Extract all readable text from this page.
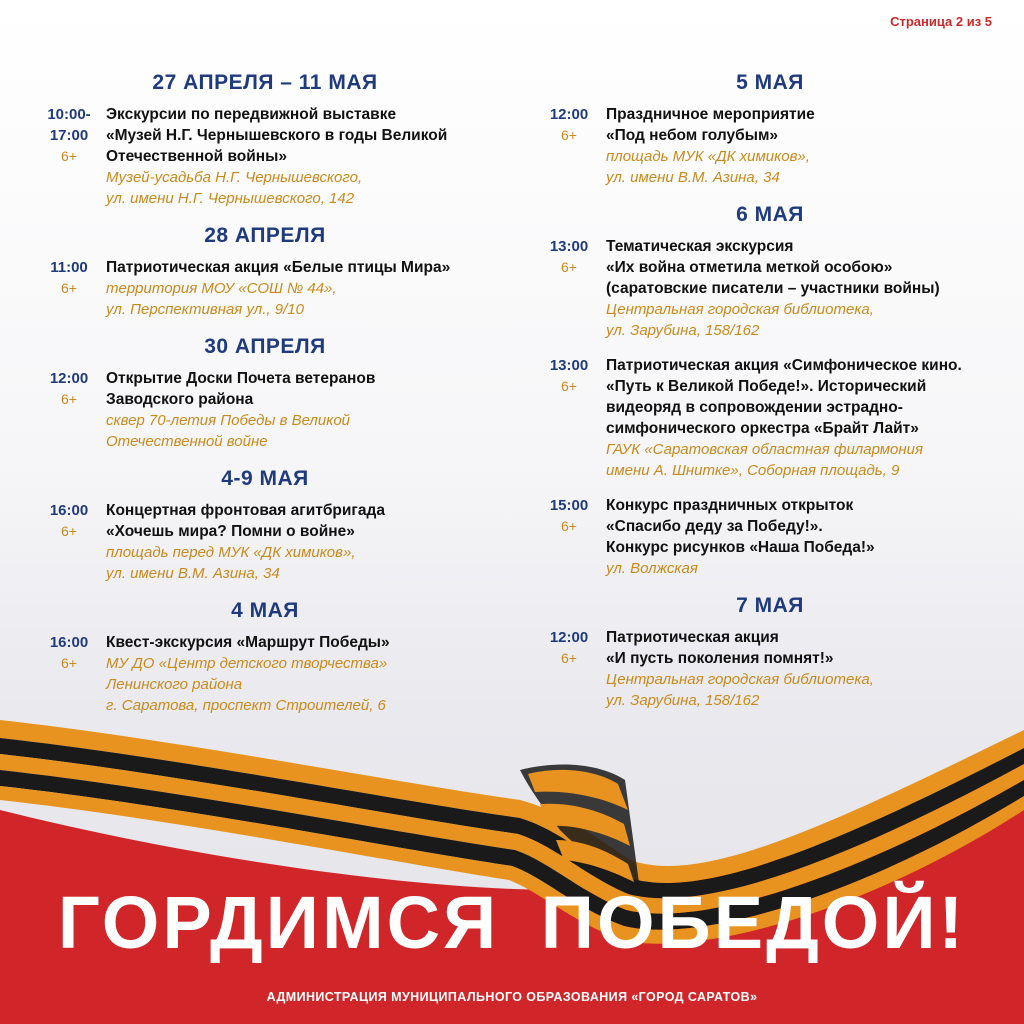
Страница 2 из 5
27 АПРЕЛЯ – 11 МАЯ
10:00-
17:00
6+
Экскурсии по передвижной выставке
«Музей Н.Г. Чернышевского в годы Великой
Отечественной войны»
Музей-усадьба Н.Г. Чернышевского,
ул. имени Н.Г. Чернышевского, 142
28 АПРЕЛЯ
11:00
6+
Патриотическая акция «Белые птицы Мира»
территория МОУ «СОШ № 44»,
ул. Перспективная ул., 9/10
30 АПРЕЛЯ
12:00
6+
Открытие Доски Почета ветеранов
Заводского района
сквер 70-летия Победы в Великой
Отечественной войне
4-9 МАЯ
16:00
6+
Концертная фронтовая агитбригада
«Хочешь мира? Помни о войне»
площадь перед МУК «ДК химиков»,
ул. имени В.М. Азина, 34
4 МАЯ
16:00
6+
Квест-экскурсия «Маршрут Победы»
МУ ДО «Центр детского творчества»
Ленинского района
г. Саратова, проспект Строителей, 6
5 МАЯ
12:00
6+
Праздничное мероприятие
«Под небом голубым»
площадь МУК «ДК химиков»,
ул. имени В.М. Азина, 34
6 МАЯ
13:00
6+
Тематическая экскурсия
«Их война отметила меткой особою»
(саратовские писатели – участники войны)
Центральная городская библиотека,
ул. Зарубина, 158/162
13:00
6+
Патриотическая акция «Симфоническое кино.
«Путь к Великой Победе!». Исторический
видеоряд в сопровождении эстрадно-
симфонического оркестра «Брайт Лайт»
ГАУК «Саратовская областная филармония
имени А. Шнитке», Соборная площадь, 9
15:00
6+
Конкурс праздничных открыток
«Спасибо деду за Победу!».
Конкурс рисунков «Наша Победа!»
ул. Волжская
7 МАЯ
12:00
6+
Патриотическая акция
«И пусть поколения помнят!»
Центральная городская библиотека,
ул. Зарубина, 158/162
ГОРДИМСЯ ПОБЕДОЙ!
АДМИНИСТРАЦИЯ МУНИЦИПАЛЬНОГО ОБРАЗОВАНИЯ «ГОРОД САРАТОВ»
